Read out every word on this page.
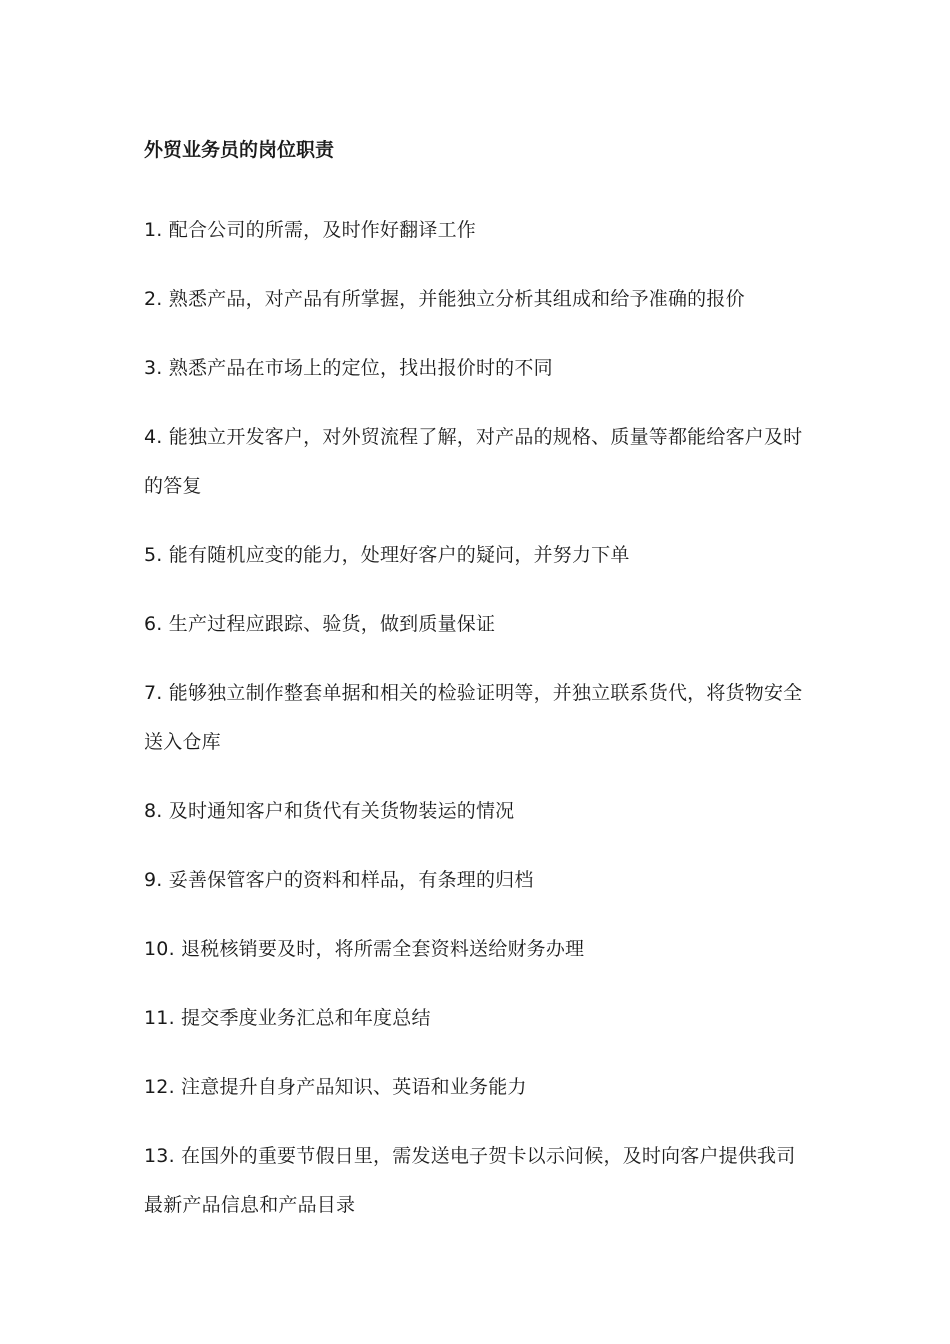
外贸业务员的岗位职责
1. 配合公司的所需，及时作好翻译工作
2. 熟悉产品，对产品有所掌握，并能独立分析其组成和给予准确的报价
3. 熟悉产品在市场上的定位，找出报价时的不同
4. 能独立开发客户，对外贸流程了解，对产品的规格、质量等都能给客户及时的答复
5. 能有随机应变的能力，处理好客户的疑问，并努力下单
6. 生产过程应跟踪、验货，做到质量保证
7. 能够独立制作整套单据和相关的检验证明等，并独立联系货代，将货物安全送入仓库
8. 及时通知客户和货代有关货物装运的情况
9. 妥善保管客户的资料和样品，有条理的归档
10. 退税核销要及时，将所需全套资料送给财务办理
11. 提交季度业务汇总和年度总结
12. 注意提升自身产品知识、英语和业务能力
13. 在国外的重要节假日里，需发送电子贺卡以示问候，及时向客户提供我司最新产品信息和产品目录
